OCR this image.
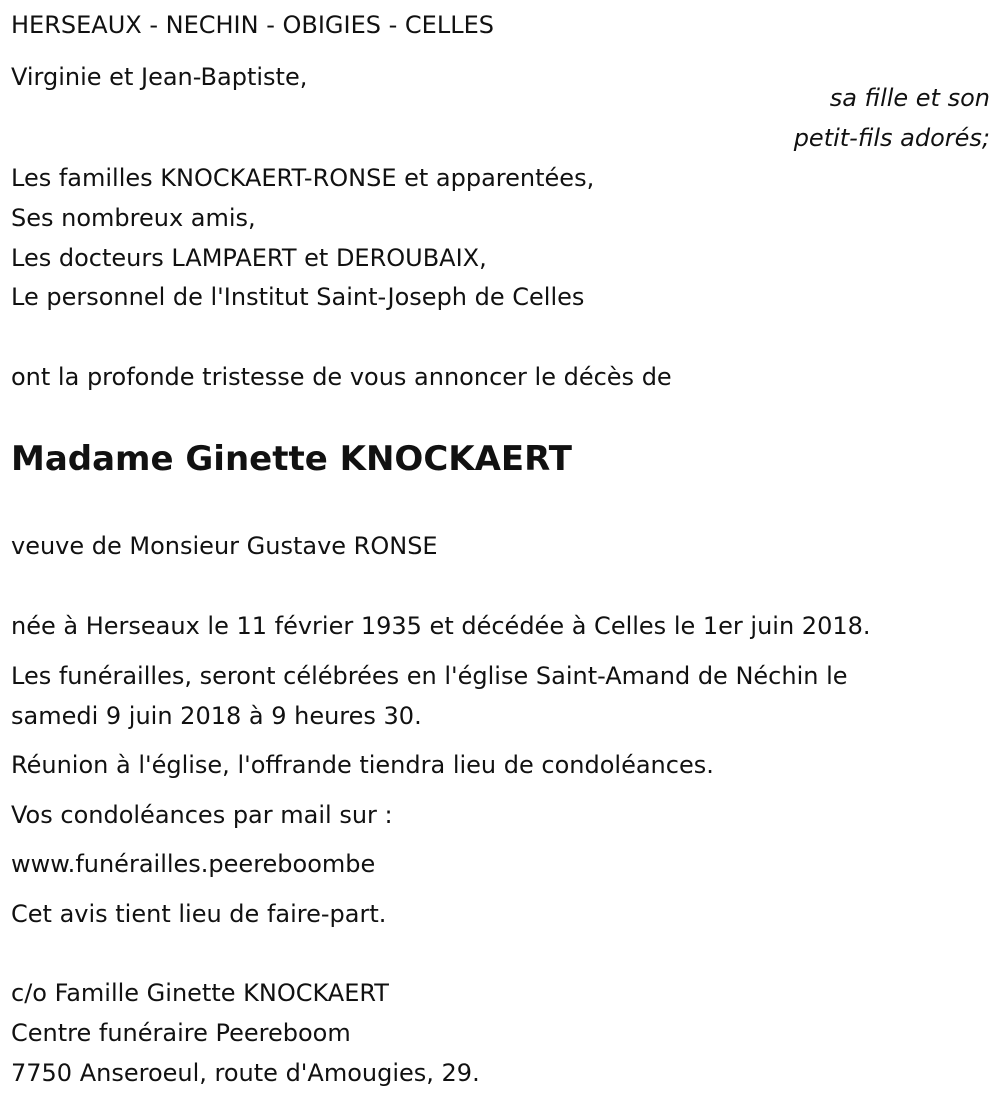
HERSEAUX - NECHIN - OBIGIES - CELLES

Virginie et Jean-Baptiste,

sa fille et son

petit-fils adorés;

Les familles KNOCKAERT-RONSE et apparentées,

Ses nombreux amis,

Les docteurs LAMPAERT et DEROUBAIX,

Le personnel de l'Institut Saint-Joseph de Celles

ont la profonde tristesse de vous annoncer le décès de

Madame Ginette KNOCKAERT

veuve de Monsieur Gustave RONSE

née à Herseaux le 11 février 1935 et décédée à Celles le 1er juin 2018.

Les funérailles, seront célébrées en l'église Saint-Amand de Néchin le samedi 9 juin 2018 à 9 heures 30.

Réunion à l'église, l'offrande tiendra lieu de condoléances.

Vos condoléances par mail sur :

www.funérailles.peereboombe

Cet avis tient lieu de faire-part.

c/o Famille Ginette KNOCKAERT

Centre funéraire Peereboom

7750 Anseroeul, route d'Amougies, 29.
